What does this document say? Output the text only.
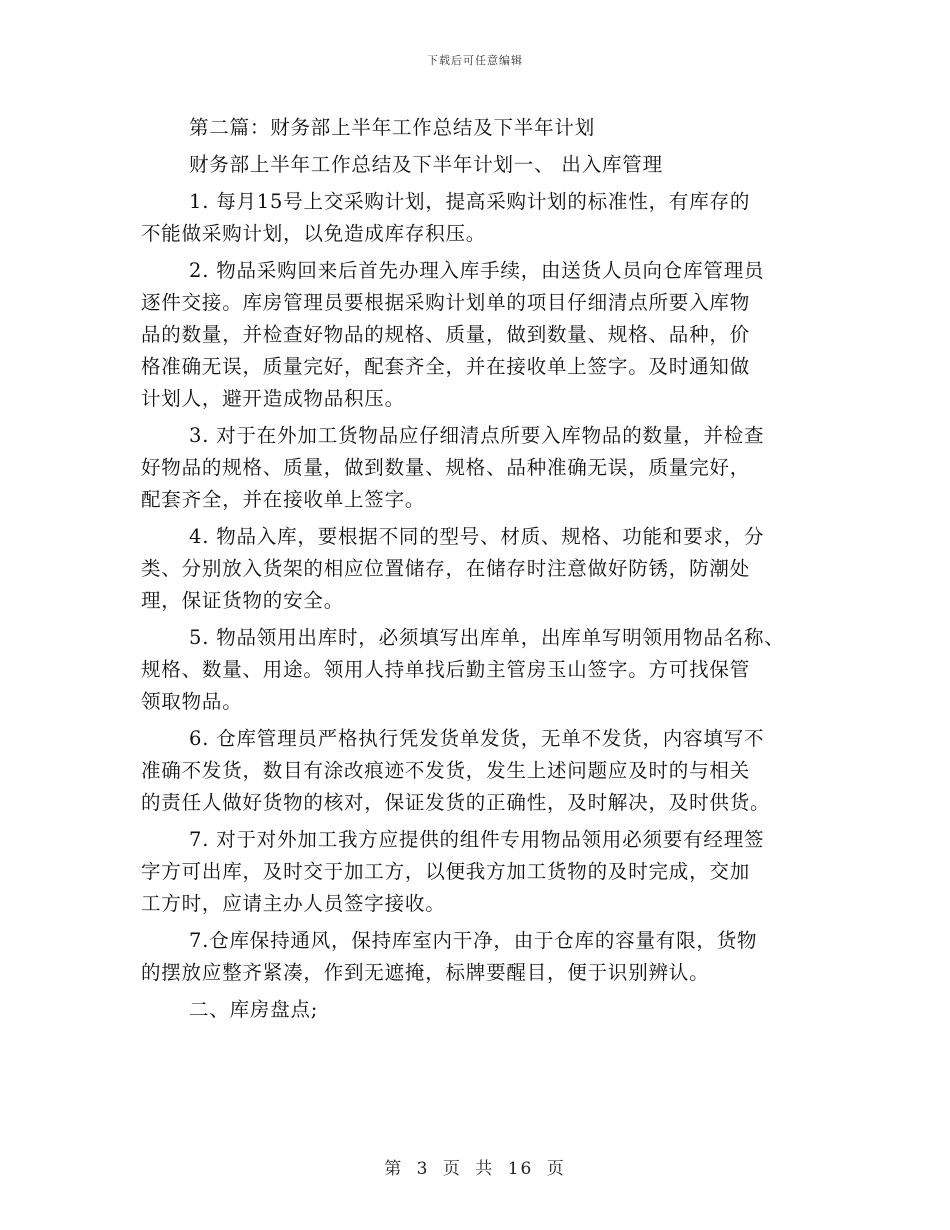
下载后可任意编辑
第二篇：财务部上半年工作总结及下半年计划
财务部上半年工作总结及下半年计划一、 出入库管理
1. 每月15号上交采购计划，提高采购计划的标准性，有库存的
不能做采购计划，以免造成库存积压。
2. 物品采购回来后首先办理入库手续，由送货人员向仓库管理员
逐件交接。库房管理员要根据采购计划单的项目仔细清点所要入库物
品的数量，并检查好物品的规格、质量，做到数量、规格、品种，价
格准确无误，质量完好，配套齐全，并在接收单上签字。及时通知做
计划人，避开造成物品积压。
3. 对于在外加工货物品应仔细清点所要入库物品的数量，并检查
好物品的规格、质量，做到数量、规格、品种准确无误，质量完好，
配套齐全，并在接收单上签字。
4. 物品入库，要根据不同的型号、材质、规格、功能和要求，分
类、分别放入货架的相应位置储存，在储存时注意做好防锈，防潮处
理，保证货物的安全。
5. 物品领用出库时，必须填写出库单，出库单写明领用物品名称、
规格、数量、用途。领用人持单找后勤主管房玉山签字。方可找保管
领取物品。
6. 仓库管理员严格执行凭发货单发货，无单不发货，内容填写不
准确不发货，数目有涂改痕迹不发货，发生上述问题应及时的与相关
的责任人做好货物的核对，保证发货的正确性，及时解决，及时供货。
7. 对于对外加工我方应提供的组件专用物品领用必须要有经理签
字方可出库，及时交于加工方，以便我方加工货物的及时完成，交加
工方时，应请主办人员签字接收。
7.仓库保持通风，保持库室内干净，由于仓库的容量有限，货物
的摆放应整齐紧凑，作到无遮掩，标牌要醒目，便于识别辨认。
二、库房盘点;
第 3 页 共 16 页
